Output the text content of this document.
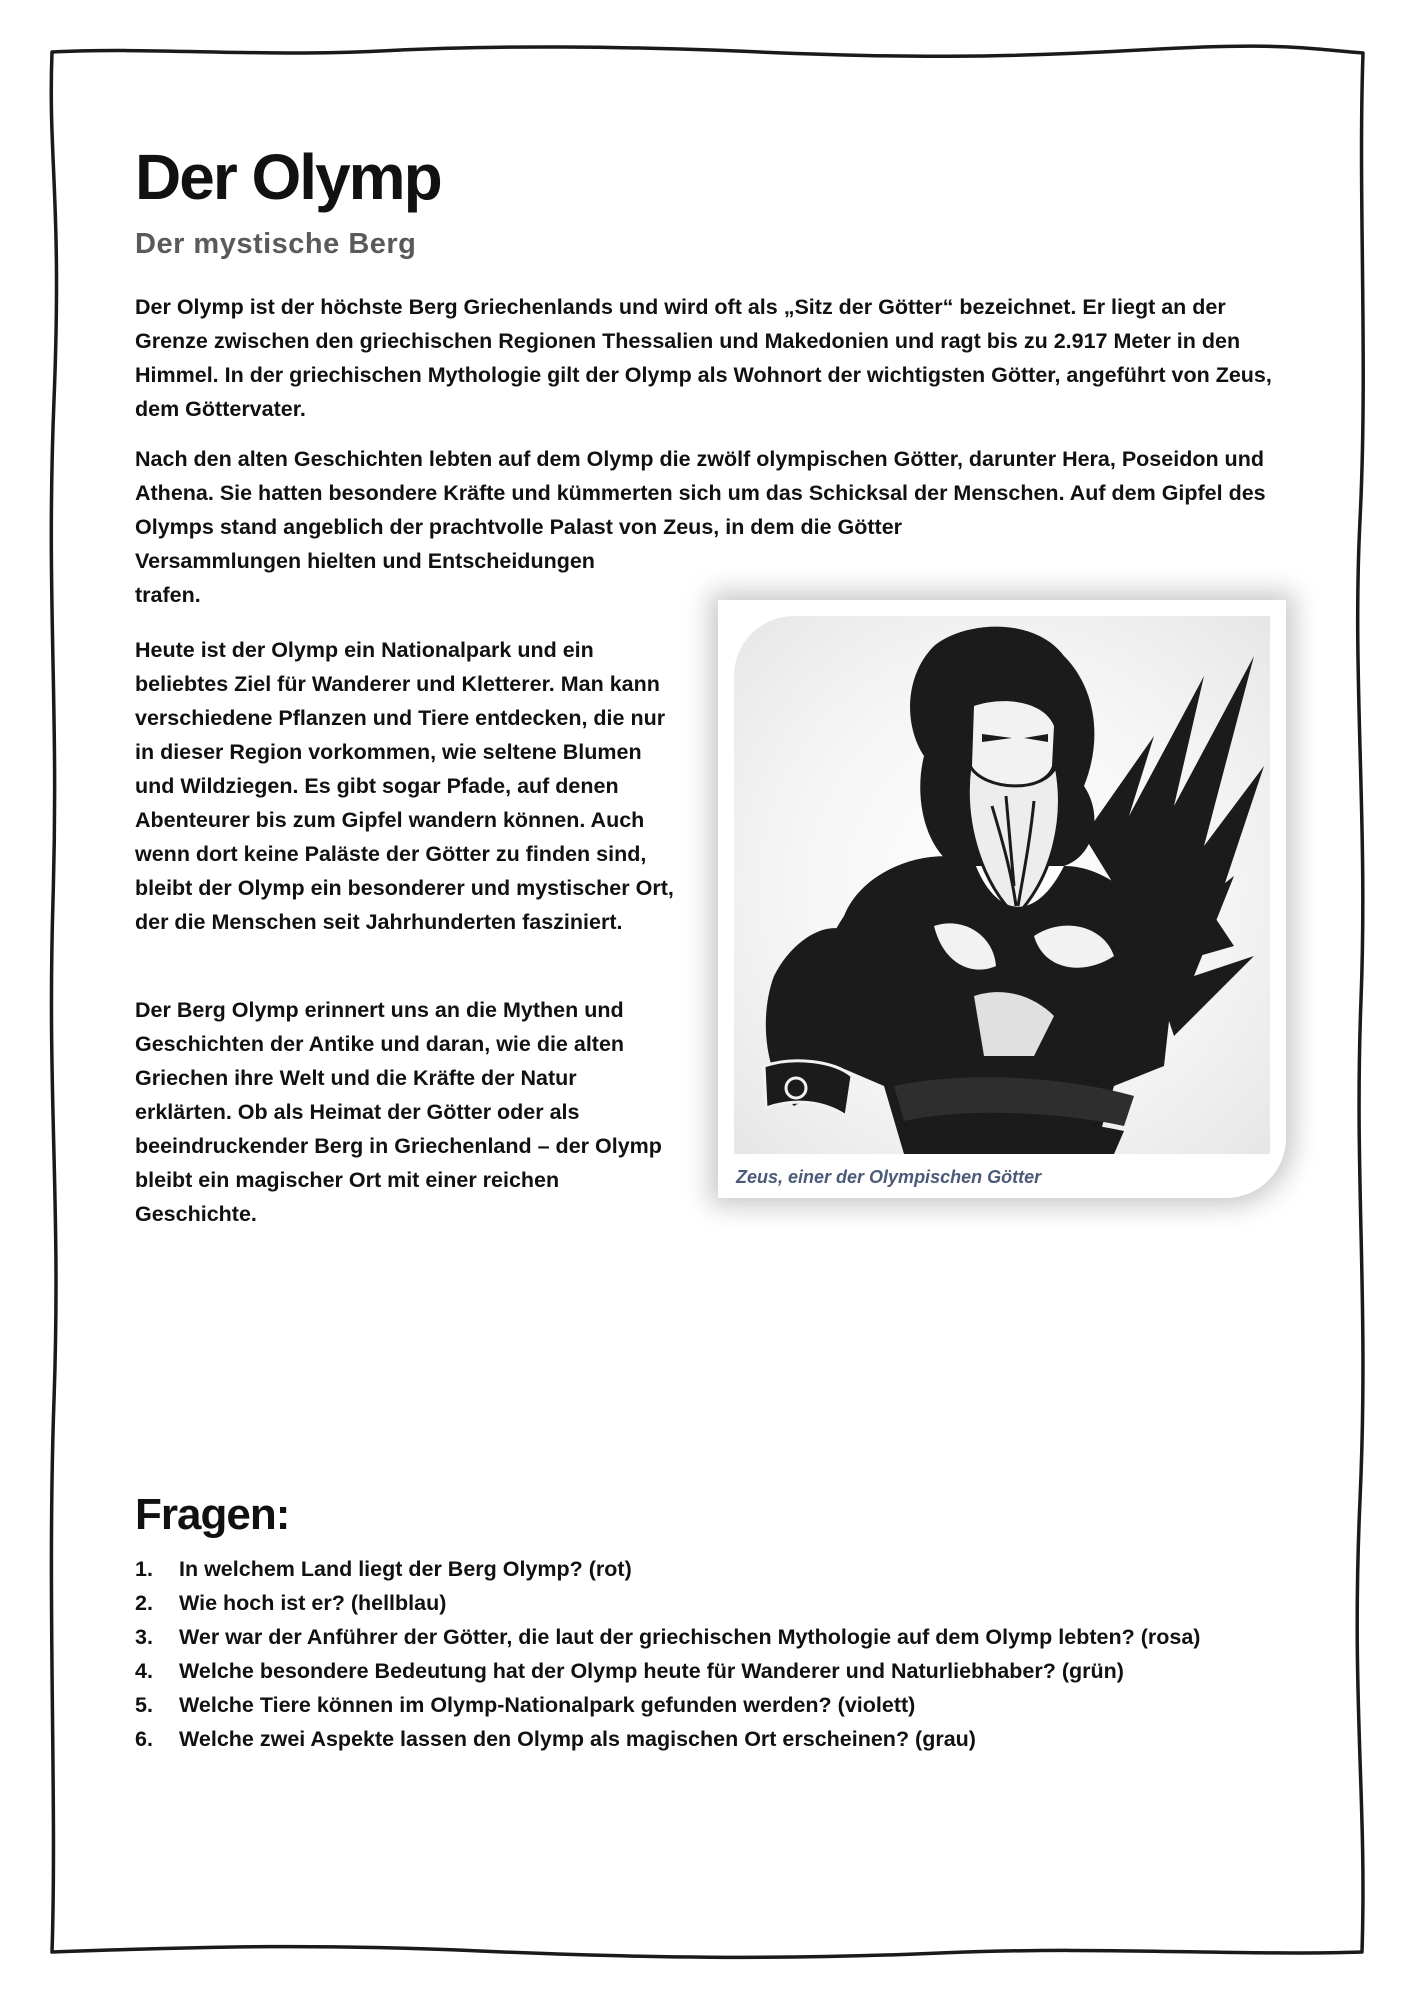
Der Olymp
Der mystische Berg

Der Olymp ist der höchste Berg Griechenlands und wird oft als „Sitz der Götter“ bezeichnet. Er liegt an der Grenze zwischen den griechischen Regionen Thessalien und Makedonien und ragt bis zu 2.917 Meter in den Himmel. In der griechischen Mythologie gilt der Olymp als Wohnort der wichtigsten Götter, angeführt von Zeus, dem Göttervater.

Nach den alten Geschichten lebten auf dem Olymp die zwölf olympischen Götter, darunter Hera, Poseidon und Athena. Sie hatten besondere Kräfte und kümmerten sich um das Schicksal der Menschen. Auf dem Gipfel des Olymps stand angeblich der prachtvolle Palast von Zeus, in dem die Götter
Versammlungen hielten und Entscheidungen trafen.

Heute ist der Olymp ein Nationalpark und ein beliebtes Ziel für Wanderer und Kletterer. Man kann verschiedene Pflanzen und Tiere entdecken, die nur in dieser Region vorkommen, wie seltene Blumen und Wildziegen. Es gibt sogar Pfade, auf denen Abenteurer bis zum Gipfel wandern können. Auch wenn dort keine Paläste der Götter zu finden sind, bleibt der Olymp ein besonderer und mystischer Ort, der die Menschen seit Jahrhunderten fasziniert.

Der Berg Olymp erinnert uns an die Mythen und Geschichten der Antike und daran, wie die alten Griechen ihre Welt und die Kräfte der Natur erklärten. Ob als Heimat der Götter oder als beeindruckender Berg in Griechenland – der Olymp bleibt ein magischer Ort mit einer reichen Geschichte.

Fragen:
1. In welchem Land liegt der Berg Olymp? (rot)
2. Wie hoch ist er? (hellblau)
3. Wer war der Anführer der Götter, die laut der griechischen Mythologie auf dem Olymp lebten? (rosa)
4. Welche besondere Bedeutung hat der Olymp heute für Wanderer und Naturliebhaber? (grün)
5. Welche Tiere können im Olymp-Nationalpark gefunden werden? (violett)
6. Welche zwei Aspekte lassen den Olymp als magischen Ort erscheinen? (grau)

Zeus, einer der Olympischen Götter
